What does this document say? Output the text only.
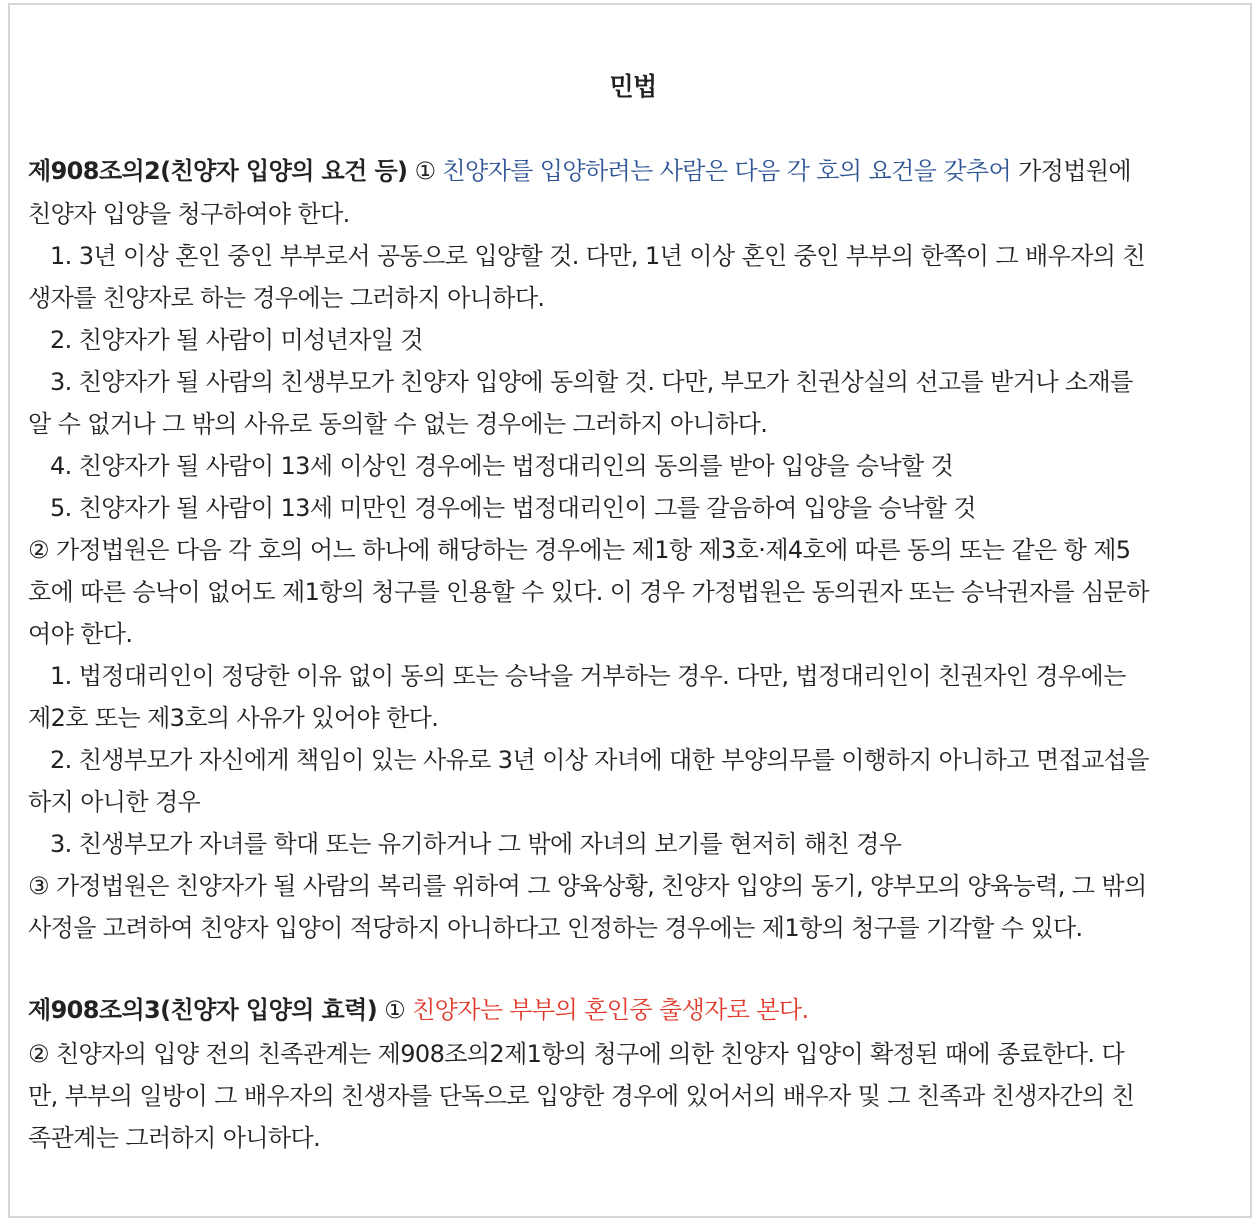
민법
제908조의2(친양자 입양의 요건 등) ① 친양자를 입양하려는 사람은 다음 각 호의 요건을 갖추어 가정법원에
친양자 입양을 청구하여야 한다.
1. 3년 이상 혼인 중인 부부로서 공동으로 입양할 것. 다만, 1년 이상 혼인 중인 부부의 한쪽이 그 배우자의 친
생자를 친양자로 하는 경우에는 그러하지 아니하다.
2. 친양자가 될 사람이 미성년자일 것
3. 친양자가 될 사람의 친생부모가 친양자 입양에 동의할 것. 다만, 부모가 친권상실의 선고를 받거나 소재를
알 수 없거나 그 밖의 사유로 동의할 수 없는 경우에는 그러하지 아니하다.
4. 친양자가 될 사람이 13세 이상인 경우에는 법정대리인의 동의를 받아 입양을 승낙할 것
5. 친양자가 될 사람이 13세 미만인 경우에는 법정대리인이 그를 갈음하여 입양을 승낙할 것
② 가정법원은 다음 각 호의 어느 하나에 해당하는 경우에는 제1항 제3호·제4호에 따른 동의 또는 같은 항 제5
호에 따른 승낙이 없어도 제1항의 청구를 인용할 수 있다. 이 경우 가정법원은 동의권자 또는 승낙권자를 심문하
여야 한다.
1. 법정대리인이 정당한 이유 없이 동의 또는 승낙을 거부하는 경우. 다만, 법정대리인이 친권자인 경우에는
제2호 또는 제3호의 사유가 있어야 한다.
2. 친생부모가 자신에게 책임이 있는 사유로 3년 이상 자녀에 대한 부양의무를 이행하지 아니하고 면접교섭을
하지 아니한 경우
3. 친생부모가 자녀를 학대 또는 유기하거나 그 밖에 자녀의 보기를 현저히 해친 경우
③ 가정법원은 친양자가 될 사람의 복리를 위하여 그 양육상황, 친양자 입양의 동기, 양부모의 양육능력, 그 밖의
사정을 고려하여 친양자 입양이 적당하지 아니하다고 인정하는 경우에는 제1항의 청구를 기각할 수 있다.
제908조의3(친양자 입양의 효력) ① 친양자는 부부의 혼인중 출생자로 본다.
② 친양자의 입양 전의 친족관계는 제908조의2제1항의 청구에 의한 친양자 입양이 확정된 때에 종료한다. 다
만, 부부의 일방이 그 배우자의 친생자를 단독으로 입양한 경우에 있어서의 배우자 및 그 친족과 친생자간의 친
족관계는 그러하지 아니하다.
